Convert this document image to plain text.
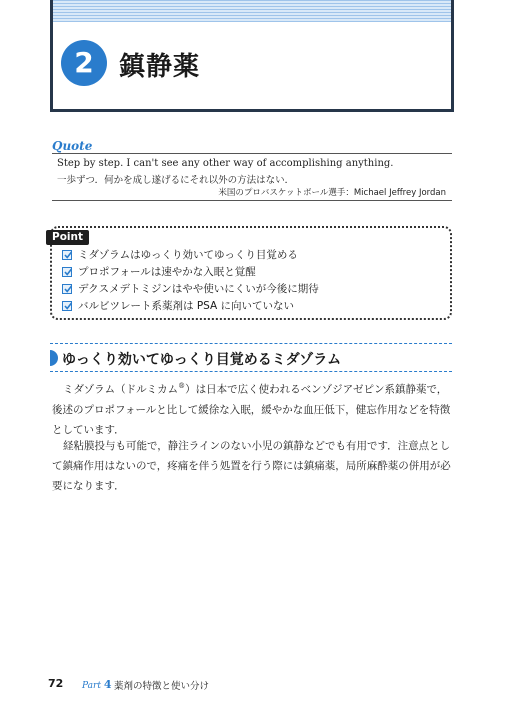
2 鎮静薬
Quote
Step by step. I can't see any other way of accomplishing anything.
一歩ずつ．何かを成し遂げるにそれ以外の方法はない．
米国のプロバスケットボール選手：Michael Jeffrey Jordan
Point
ミダゾラムはゆっくり効いてゆっくり目覚める
プロポフォールは速やかな入眠と覚醒
デクスメデトミジンはやや使いにくいが今後に期待
バルビツレート系薬剤は PSA に向いていない
ゆっくり効いてゆっくり目覚めるミダゾラム

ミダゾラム（ドルミカム®）は日本で広く使われるベンゾジアゼピン系鎮静薬で，後述のプロポフォールと比して緩徐な入眠，緩やかな血圧低下，健忘作用などを特徴としています．

経粘膜投与も可能で，静注ラインのない小児の鎮静などでも有用です．注意点として鎮痛作用はないので，疼痛を伴う処置を行う際には鎮痛薬，局所麻酔薬の併用が必要になります．

72 Part 4 薬剤の特徴と使い分け
